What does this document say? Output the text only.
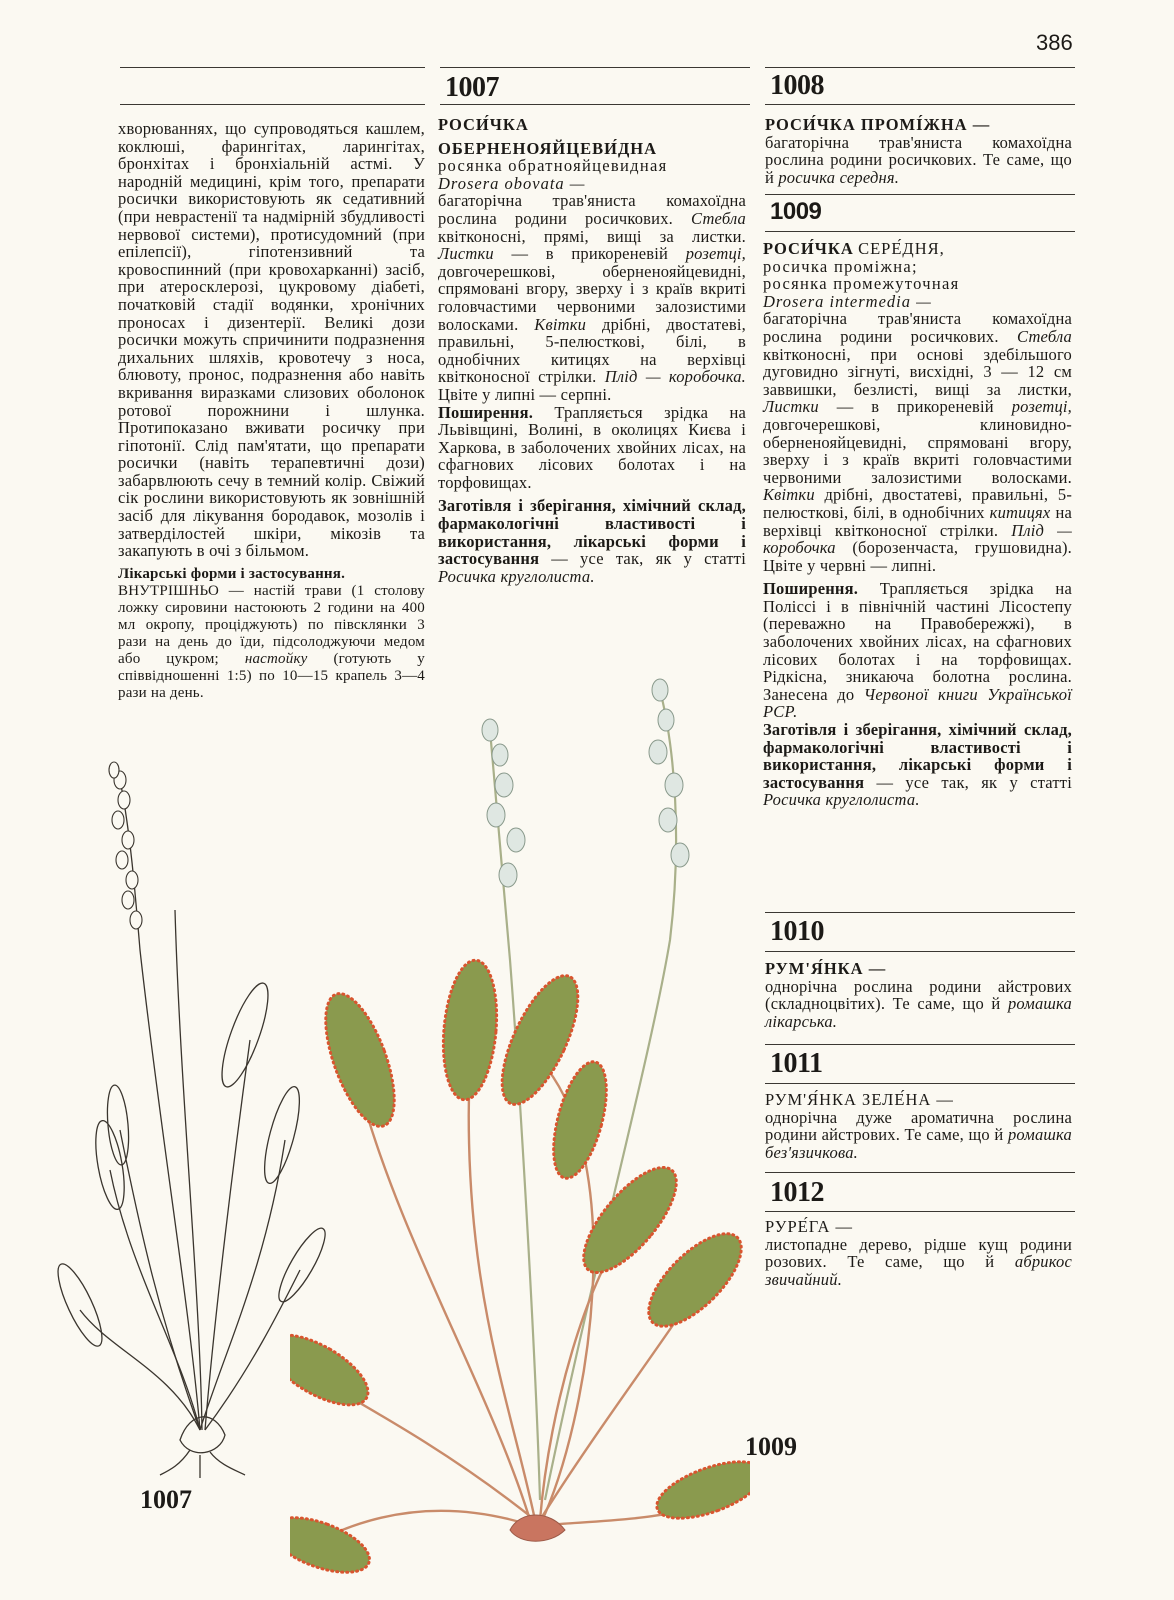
386

хворюваннях, що супроводяться кашлем, коклюші, фарингітах, ларингітах, бронхітах і бронхіальній астмі. У народній медицині, крім того, препарати росички використовують як седативний (при неврастенії та надмірній збудливості нервової системи), протисудомний (при епілепсії), гіпотензивний та кровоспинний (при кровохарканні) засіб, при атеросклерозі, цукровому діабеті, початковій стадії водянки, хронічних проносах і дизентерії. Великі дози росички можуть спричинити подразнення дихальних шляхів, кровотечу з носа, блювоту, пронос, подразнення або навіть вкривання виразками слизових оболонок ротової порожнини і шлунка. Протипоказано вживати росичку при гіпотонії. Слід пам'ятати, що препарати росички (навіть терапевтичні дози) забарвлюють сечу в темний колір. Свіжий сік рослини використовують як зовнішній засіб для лікування бородавок, мозолів і затверділостей шкіри, мікозів та закапують в очі з більмом.

Лікарські форми і застосування.

ВНУТРІШНЬО — настій трави (1 столову ложку сировини настоюють 2 години на 400 мл окропу, проціджують) по півсклянки 3 рази на день до їди, підсолоджуючи медом або цукром; настойку (готують у співвідношенні 1:5) по 10—15 крапель 3—4 рази на день.

1007

РОСИ́ЧКА

ОБЕРНЕНОЯЙЦЕВИ́ДНА

росянка обратнояйцевидная

Drosera obovata —

багаторічна трав'яниста комахоїдна рослина родини росичкових. Стебла квітконосні, прямі, вищі за листки. Листки — в прикореневій розетці, довгочерешкові, оберненояйцевидні, спрямовані вгору, зверху і з країв вкриті головчастими червоними залозистими волосками. Квітки дрібні, двостатеві, правильні, 5-пелюсткові, білі, в однобічних китицях на верхівці квітконосної стрілки. Плід — коробочка. Цвіте у липні — серпні.

Поширення. Трапляється зрідка на Львівщині, Волині, в околицях Києва і Харкова, в заболочених хвойних лісах, на сфагнових лісових болотах і на торфовищах.

Заготівля і зберігання, хімічний склад, фармакологічні властивості і використання, лікарські форми і застосування — усе так, як у статті Росичка круглолиста.

1008

РОСИ́ЧКА ПРОМІ́ЖНА —

багаторічна трав'яниста комахоїдна рослина родини росичкових. Те саме, що й росичка середня.

1009

РОСИ́ЧКА СЕРЕ́ДНЯ,

росичка проміжна;

росянка промежуточная

Drosera intermedia —

багаторічна трав'яниста комахоїдна рослина родини росичкових. Стебла квітконосні, при основі здебільшого дуговидно зігнуті, висхідні, 3 — 12 см заввишки, безлисті, вищі за листки, Листки — в прикореневій розетці, довгочерешкові, клиновидно-оберненояйцевидні, спрямовані вгору, зверху і з країв вкриті головчастими червоними залозистими волосками. Квітки дрібні, двостатеві, правильні, 5-пелюсткові, білі, в однобічних китицях на верхівці квітконосної стрілки. Плід — коробочка (борозенчаста, грушовидна). Цвіте у червні — липні.

Поширення. Трапляється зрідка на Поліссі і в північній частині Лісостепу (переважно на Правобережжі), в заболочених хвойних лісах, на сфагнових лісових болотах і на торфовищах. Рідкісна, зникаюча болотна рослина. Занесена до Червоної книги Української РСР.

Заготівля і зберігання, хімічний склад, фармакологічні властивості і використання, лікарські форми і застосування — усе так, як у статті Росичка круглолиста.

1010

РУМ'Я́НКА —

однорічна рослина родини айстрових (складноцвітих). Те саме, що й ромашка лікарська.

1011

РУМ'Я́НКА ЗЕЛЕ́НА —

однорічна дуже ароматична рослина родини айстрових. Те саме, що й ромашка без'язичкова.

1012

РУРЕ́ГА —

листопадне дерево, рідше кущ родини розових. Те саме, що й абрикос звичайний.

1007
1009
